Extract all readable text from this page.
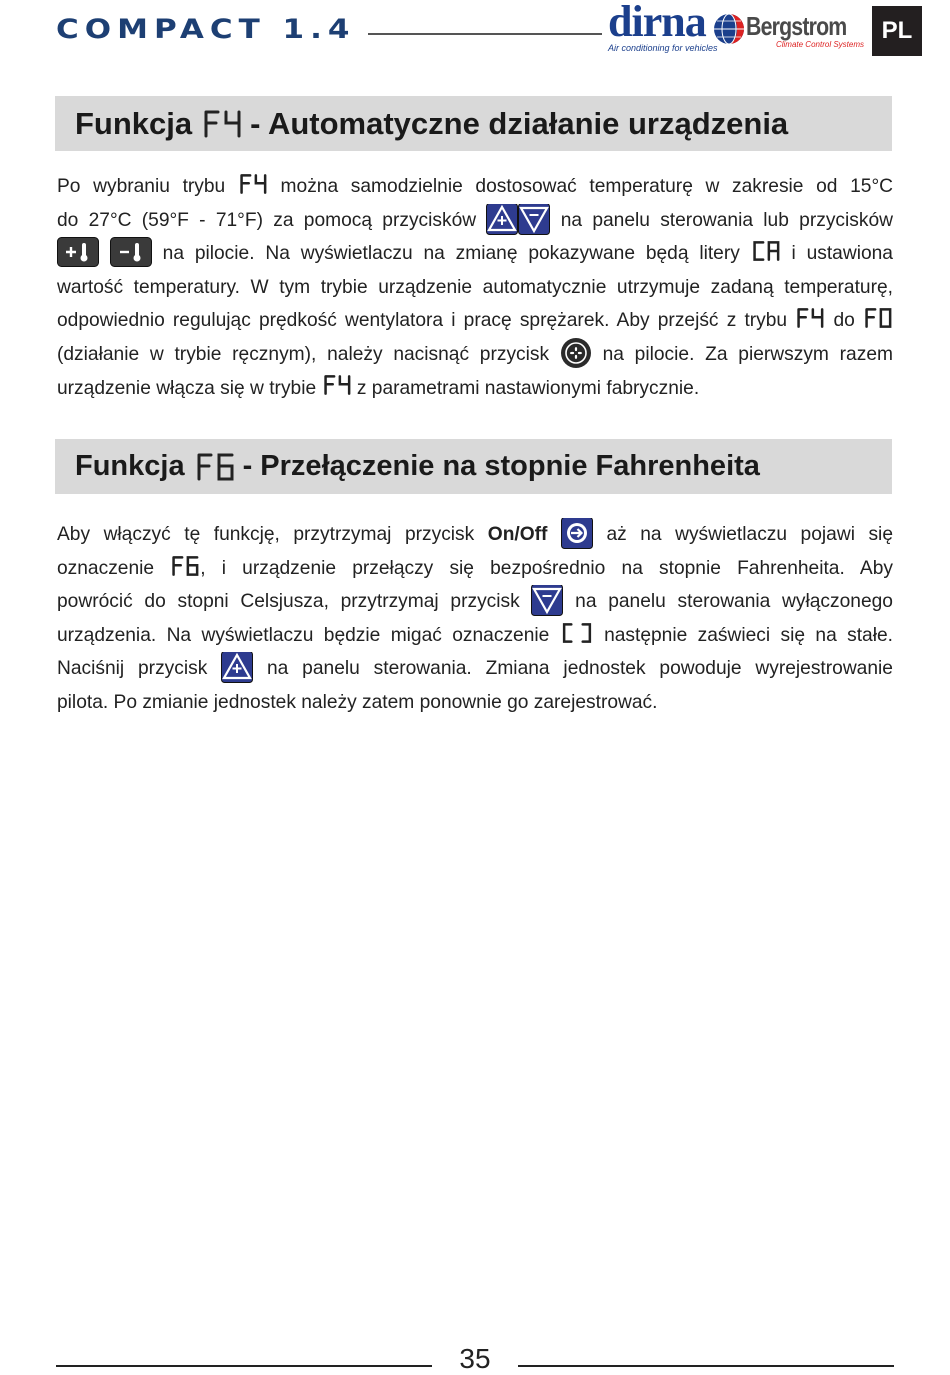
COMPACT 1.4	dirna
Air conditioning for vehicles
Bergstrom
Climate Control Systems
PL
Funkcja - Automatyczne działanie urządzenia
Po wybraniu trybu	można samodzielnie dostosować temperaturę w zakresie od 15°C
do 27°C (59°F - 71°F) za pomocą przycisków	na panelu sterowania lub przycisków
na pilocie. Na wyświetlaczu na zmianę pokazywane będą litery	i ustawiona
wartość temperatury. W tym trybie urządzenie automatycznie utrzymuje zadaną temperaturę,
odpowiednio regulując prędkość wentylatora i pracę sprężarek. Aby przejść z trybu do
(działanie w trybie ręcznym), należy nacisnąć przycisk	na pilocie. Za pierwszym razem
urządzenie włącza się w trybie z parametrami nastawionymi fabrycznie.
Funkcja - Przełączenie na stopnie Fahrenheita
Aby włączyć tę funkcję, przytrzymaj przycisk On/Off	aż na wyświetlaczu pojawi się
oznaczenie , i urządzenie przełączy się bezpośrednio na stopnie Fahrenheita. Aby
powrócić do stopni Celsjusza, przytrzymaj przycisk	na panelu sterowania wyłączonego
urządzenia. Na wyświetlaczu będzie migać oznaczenie	następnie zaświeci się na stałe.
Naciśnij przycisk	na panelu sterowania. Zmiana jednostek powoduje wyrejestrowanie
pilota. Po zmianie jednostek należy zatem ponownie go zarejestrować.
35
